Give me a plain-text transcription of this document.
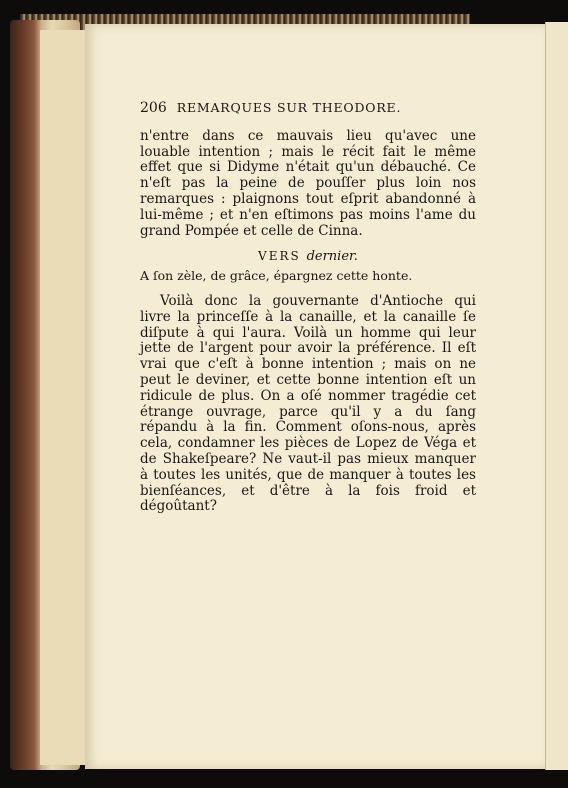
206 REMARQUES SUR THEODORE.

n'entre dans ce mauvais lieu qu'avec une louable intention ; mais le récit fait le même effet que si Didyme n'était qu'un débauché. Ce n'eſt pas la peine de pouſſer plus loin nos remarques : plaignons tout eſprit abandonné à lui-même ; et n'en eſtimons pas moins l'ame du grand Pompée et celle de Cinna.

VERS dernier.

A ſon zèle, de grâce, épargnez cette honte.

Voilà donc la gouvernante d'Antioche qui livre la princeſſe à la canaille, et la canaille ſe diſpute à qui l'aura. Voilà un homme qui leur jette de l'argent pour avoir la préférence. Il eſt vrai que c'eſt à bonne intention ; mais on ne peut le deviner, et cette bonne intention eſt un ridicule de plus. On a oſé nommer tragédie cet étrange ouvrage, parce qu'il y a du ſang répandu à la fin. Comment oſons-nous, après cela, condamner les pièces de Lopez de Véga et de Shakeſpeare? Ne vaut-il pas mieux manquer à toutes les unités, que de manquer à toutes les bienſéances, et d'être à la fois froid et dégoûtant?
